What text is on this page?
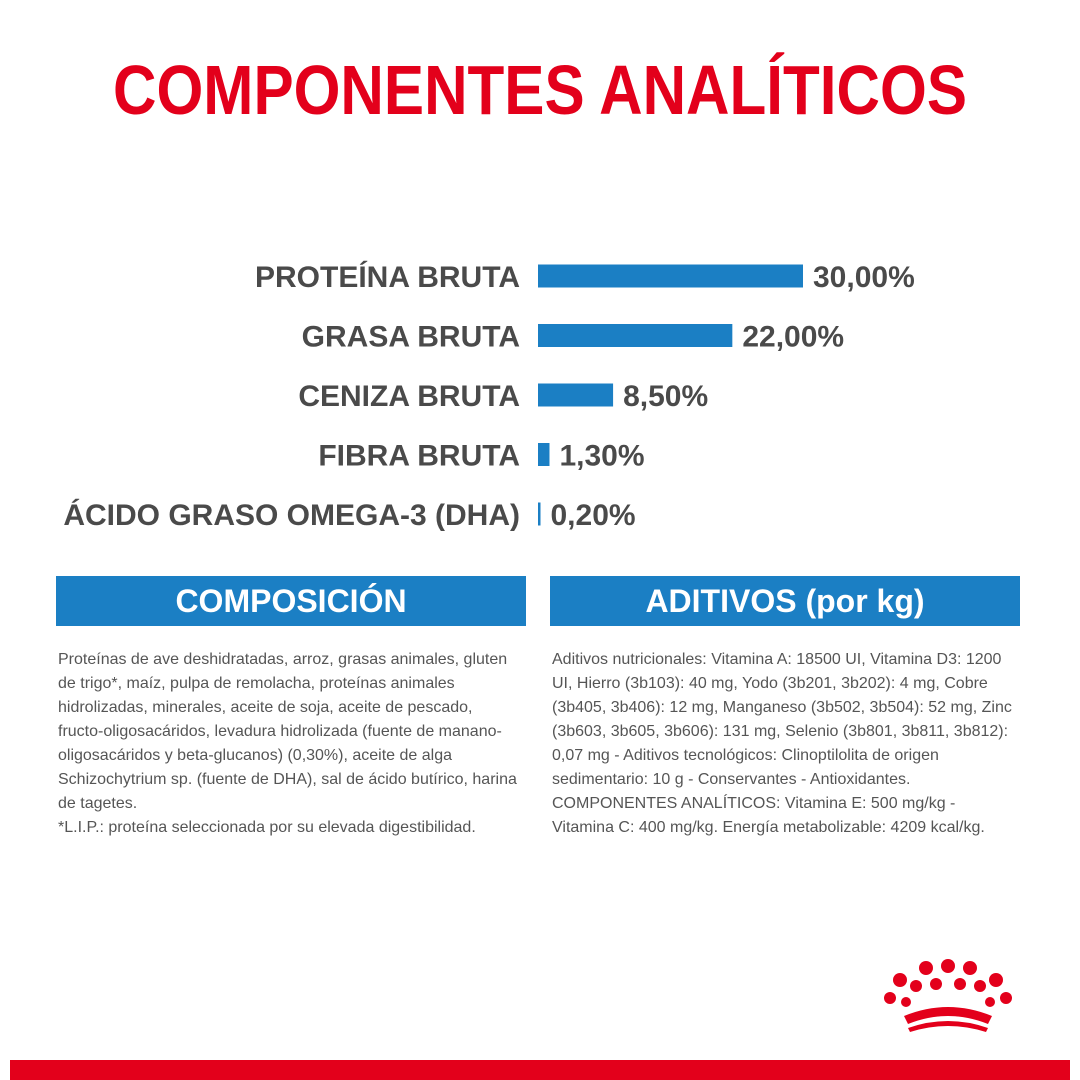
COMPONENTES ANALÍTICOS
PROTEÍNA BRUTA	30,00%
GRASA BRUTA	22,00%
CENIZA BRUTA	8,50%
FIBRA BRUTA 1,30%
ÁCIDO GRASO OMEGA-3 (DHA) 0,20%
COMPOSICIÓN	ADITIVOS (por kg)
Proteínas de ave deshidratadas, arroz, grasas animales, gluten de trigo*, maíz, pulpa de remolacha, proteínas animales hidrolizadas, minerales, aceite de soja, aceite de pescado, fructo-oligosacáridos, levadura hidrolizada (fuente de manano-oligosacáridos y beta-glucanos) (0,30%), aceite de alga Schizochytrium sp. (fuente de DHA), sal de ácido butírico, harina de tagetes.
*L.I.P.: proteína seleccionada por su elevada digestibilidad.
Aditivos nutricionales: Vitamina A: 18500 UI, Vitamina D3: 1200 UI, Hierro (3b103): 40 mg, Yodo (3b201, 3b202): 4 mg, Cobre (3b405, 3b406): 12 mg, Manganeso (3b502, 3b504): 52 mg, Zinc (3b603, 3b605, 3b606): 131 mg, Selenio (3b801, 3b811, 3b812): 0,07 mg - Aditivos tecnológicos: Clinoptilolita de origen sedimentario: 10 g - Conservantes - Antioxidantes. COMPONENTES ANALÍTICOS: Vitamina E: 500 mg/kg - Vitamina C: 400 mg/kg. Energía metabolizable: 4209 kcal/kg.
